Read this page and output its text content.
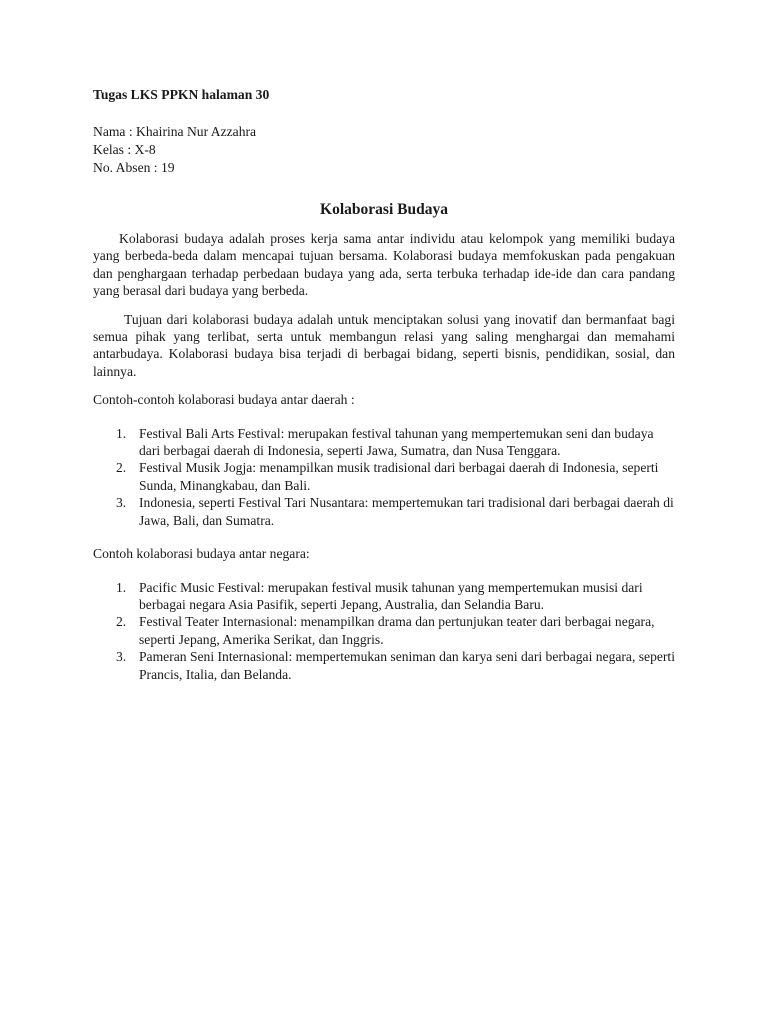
Tugas LKS PPKN halaman 30

Nama : Khairina Nur Azzahra
Kelas : X-8
No. Absen : 19
Kolaborasi Budaya

Kolaborasi budaya adalah proses kerja sama antar individu atau kelompok yang memiliki budaya yang berbeda-beda dalam mencapai tujuan bersama. Kolaborasi budaya memfokuskan pada pengakuan dan penghargaan terhadap perbedaan budaya yang ada, serta terbuka terhadap ide-ide dan cara pandang yang berasal dari budaya yang berbeda.

Tujuan dari kolaborasi budaya adalah untuk menciptakan solusi yang inovatif dan bermanfaat bagi semua pihak yang terlibat, serta untuk membangun relasi yang saling menghargai dan memahami antarbudaya. Kolaborasi budaya bisa terjadi di berbagai bidang, seperti bisnis, pendidikan, sosial, dan lainnya.

Contoh-contoh kolaborasi budaya antar daerah :

1. Festival Bali Arts Festival: merupakan festival tahunan yang mempertemukan seni dan budaya dari berbagai daerah di Indonesia, seperti Jawa, Sumatra, dan Nusa Tenggara.
2. Festival Musik Jogja: menampilkan musik tradisional dari berbagai daerah di Indonesia, seperti Sunda, Minangkabau, dan Bali.
3. Indonesia, seperti Festival Tari Nusantara: mempertemukan tari tradisional dari berbagai daerah di Jawa, Bali, dan Sumatra.

Contoh kolaborasi budaya antar negara:

1. Pacific Music Festival: merupakan festival musik tahunan yang mempertemukan musisi dari berbagai negara Asia Pasifik, seperti Jepang, Australia, dan Selandia Baru.
2. Festival Teater Internasional: menampilkan drama dan pertunjukan teater dari berbagai negara, seperti Jepang, Amerika Serikat, dan Inggris.
3. Pameran Seni Internasional: mempertemukan seniman dan karya seni dari berbagai negara, seperti Prancis, Italia, dan Belanda.
